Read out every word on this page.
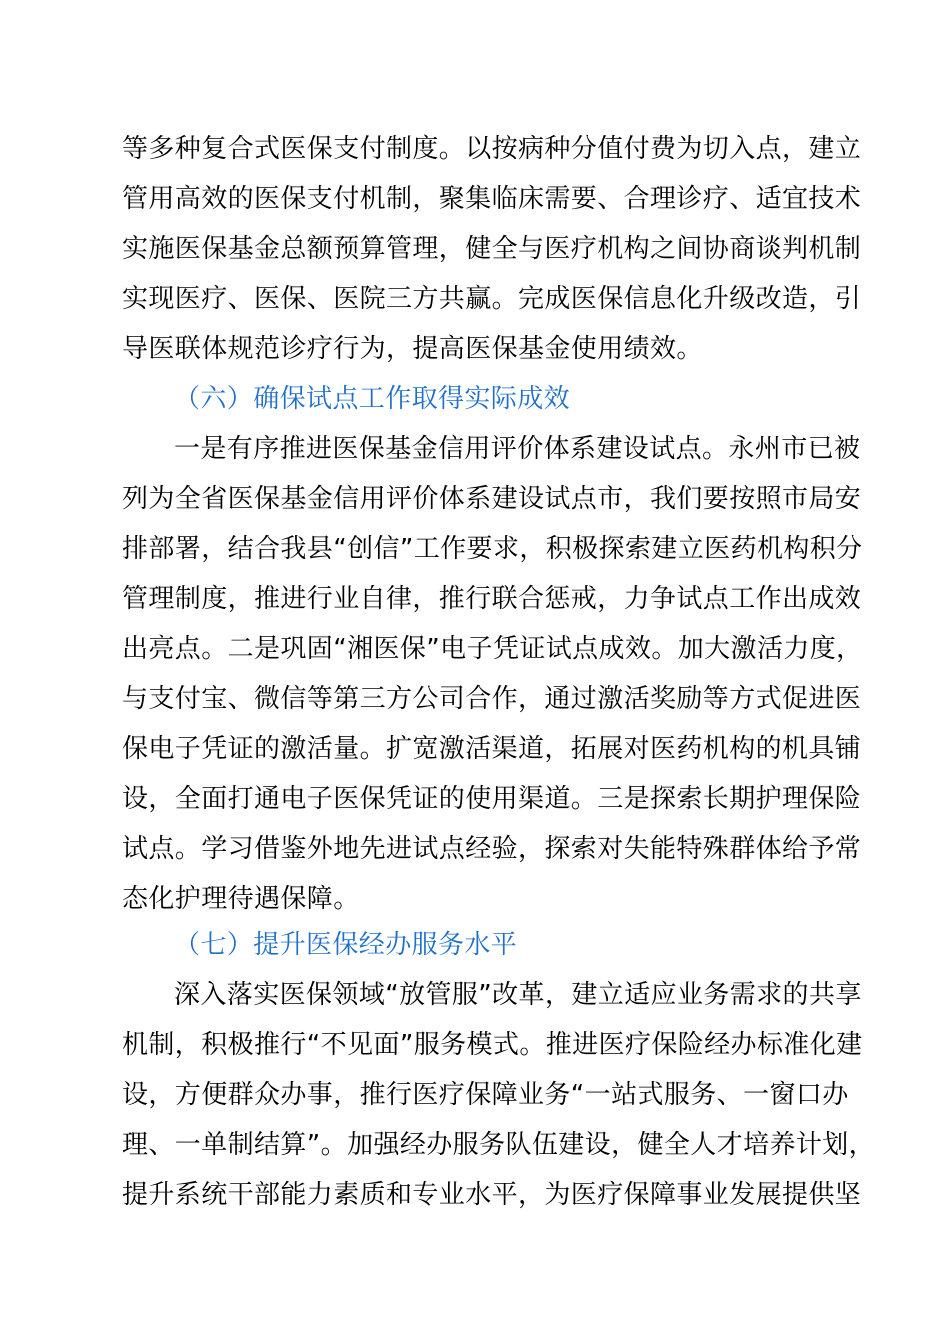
等多种复合式医保支付制度。以按病种分值付费为切入点，建立
管用高效的医保支付机制，聚集临床需要、合理诊疗、适宜技术
实施医保基金总额预算管理，健全与医疗机构之间协商谈判机制
实现医疗、医保、医院三方共赢。完成医保信息化升级改造，引
导医联体规范诊疗行为，提高医保基金使用绩效。
（六）确保试点工作取得实际成效
一是有序推进医保基金信用评价体系建设试点。永州市已被
列为全省医保基金信用评价体系建设试点市，我们要按照市局安
排部署，结合我县“创信”工作要求，积极探索建立医药机构积分
管理制度，推进行业自律，推行联合惩戒，力争试点工作出成效
出亮点。二是巩固“湘医保”电子凭证试点成效。加大激活力度，
与支付宝、微信等第三方公司合作，通过激活奖励等方式促进医
保电子凭证的激活量。扩宽激活渠道，拓展对医药机构的机具铺
设，全面打通电子医保凭证的使用渠道。三是探索长期护理保险
试点。学习借鉴外地先进试点经验，探索对失能特殊群体给予常
态化护理待遇保障。
（七）提升医保经办服务水平
深入落实医保领域“放管服”改革，建立适应业务需求的共享
机制，积极推行“不见面”服务模式。推进医疗保险经办标准化建
设，方便群众办事，推行医疗保障业务“一站式服务、一窗口办
理、一单制结算”。加强经办服务队伍建设，健全人才培养计划，
提升系统干部能力素质和专业水平，为医疗保障事业发展提供坚
